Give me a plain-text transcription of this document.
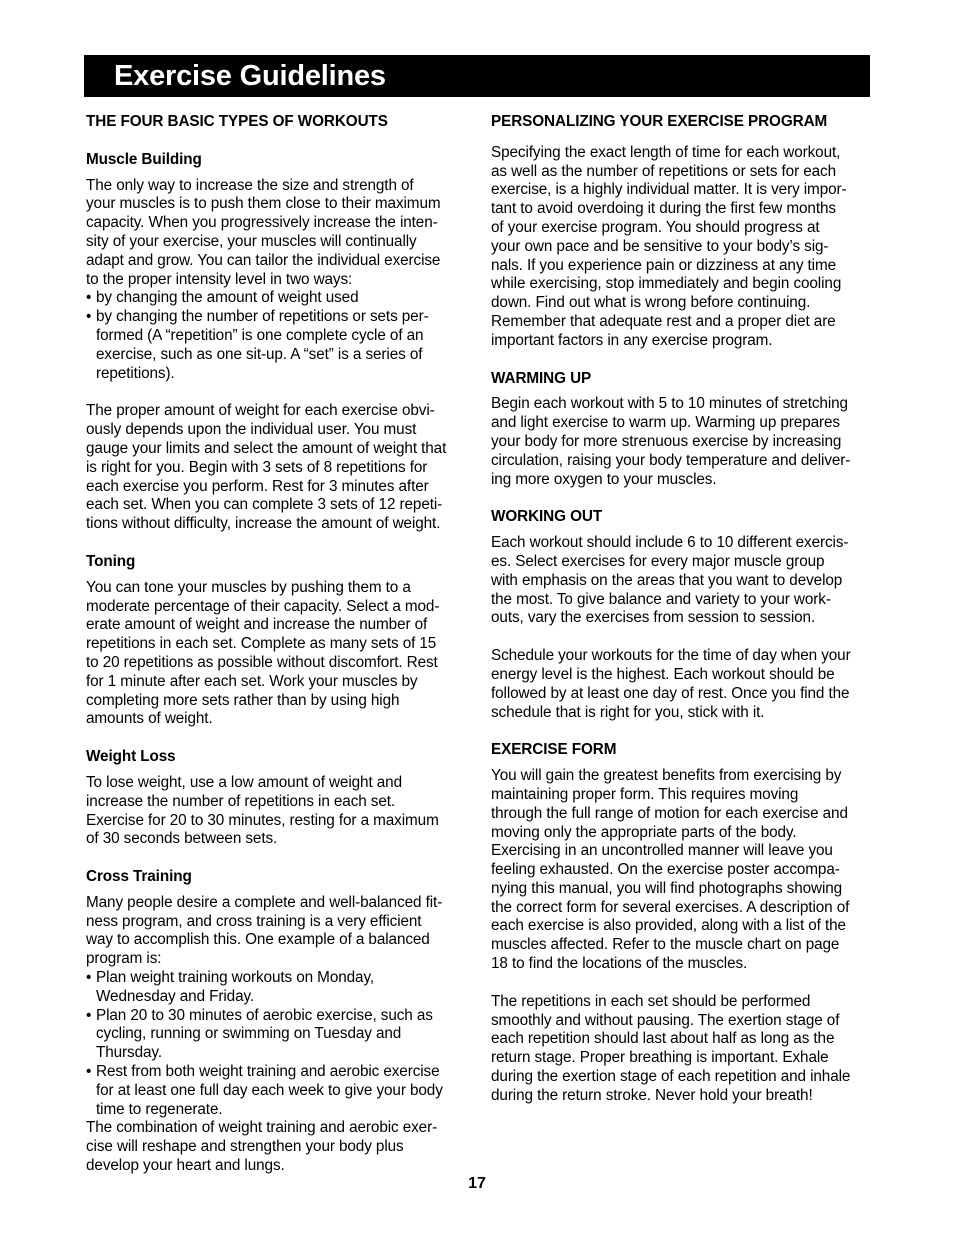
Exercise Guidelines

THE FOUR BASIC TYPES OF WORKOUTS

Muscle Building

The only way to increase the size and strength of

your muscles is to push them close to their maximum

capacity. When you progressively increase the inten-

sity of your exercise, your muscles will continually

adapt and grow. You can tailor the individual exercise

to the proper intensity level in two ways:

• by changing the amount of weight used

• by changing the number of repetitions or sets per-

formed (A “repetition” is one complete cycle of an

exercise, such as one sit-up. A “set” is a series of

repetitions).

The proper amount of weight for each exercise obvi-

ously depends upon the individual user. You must

gauge your limits and select the amount of weight that

is right for you. Begin with 3 sets of 8 repetitions for

each exercise you perform. Rest for 3 minutes after

each set. When you can complete 3 sets of 12 repeti-

tions without difficulty, increase the amount of weight.

Toning

You can tone your muscles by pushing them to a

moderate percentage of their capacity. Select a mod-

erate amount of weight and increase the number of

repetitions in each set. Complete as many sets of 15

to 20 repetitions as possible without discomfort. Rest

for 1 minute after each set. Work your muscles by

completing more sets rather than by using high

amounts of weight.

Weight Loss

To lose weight, use a low amount of weight and

increase the number of repetitions in each set.

Exercise for 20 to 30 minutes, resting for a maximum

of 30 seconds between sets.

Cross Training

Many people desire a complete and well-balanced fit-

ness program, and cross training is a very efficient

way to accomplish this. One example of a balanced

program is:

• Plan weight training workouts on Monday,

Wednesday and Friday.

• Plan 20 to 30 minutes of aerobic exercise, such as

cycling, running or swimming on Tuesday and

Thursday.

• Rest from both weight training and aerobic exercise

for at least one full day each week to give your body

time to regenerate.

The combination of weight training and aerobic exer-

cise will reshape and strengthen your body plus

develop your heart and lungs.

PERSONALIZING YOUR EXERCISE PROGRAM

Specifying the exact length of time for each workout,

as well as the number of repetitions or sets for each

exercise, is a highly individual matter. It is very impor-

tant to avoid overdoing it during the first few months

of your exercise program. You should progress at

your own pace and be sensitive to your body’s sig-

nals. If you experience pain or dizziness at any time

while exercising, stop immediately and begin cooling

down. Find out what is wrong before continuing.

Remember that adequate rest and a proper diet are

important factors in any exercise program.

WARMING UP

Begin each workout with 5 to 10 minutes of stretching

and light exercise to warm up. Warming up prepares

your body for more strenuous exercise by increasing

circulation, raising your body temperature and deliver-

ing more oxygen to your muscles.

WORKING OUT

Each workout should include 6 to 10 different exercis-

es. Select exercises for every major muscle group

with emphasis on the areas that you want to develop

the most. To give balance and variety to your work-

outs, vary the exercises from session to session.

Schedule your workouts for the time of day when your

energy level is the highest. Each workout should be

followed by at least one day of rest. Once you find the

schedule that is right for you, stick with it.

EXERCISE FORM

You will gain the greatest benefits from exercising by

maintaining proper form. This requires moving

through the full range of motion for each exercise and

moving only the appropriate parts of the body.

Exercising in an uncontrolled manner will leave you

feeling exhausted. On the exercise poster accompa-

nying this manual, you will find photographs showing

the correct form for several exercises. A description of

each exercise is also provided, along with a list of the

muscles affected. Refer to the muscle chart on page

18 to find the locations of the muscles.

The repetitions in each set should be performed

smoothly and without pausing. The exertion stage of

each repetition should last about half as long as the

return stage. Proper breathing is important. Exhale

during the exertion stage of each repetition and inhale

during the return stroke. Never hold your breath!

17
